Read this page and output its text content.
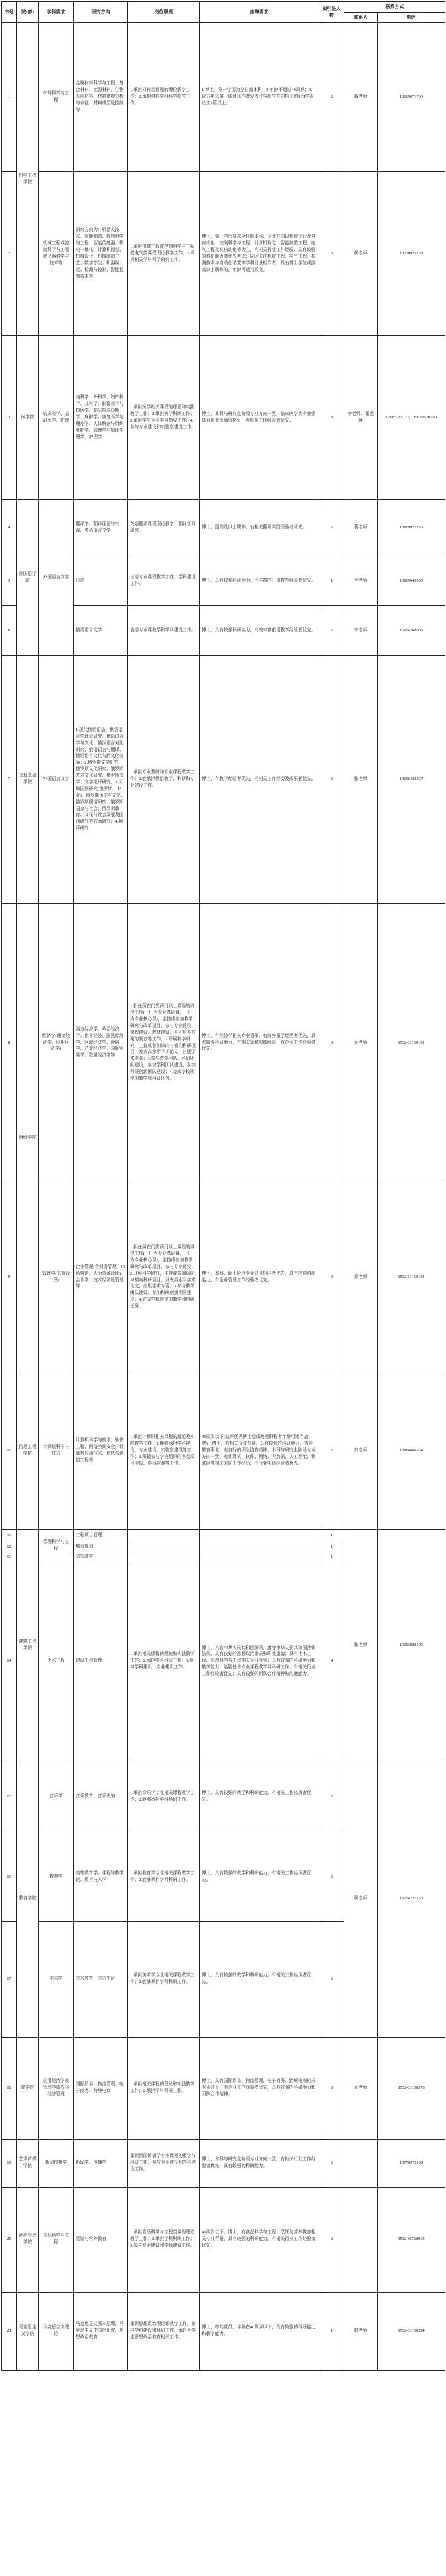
序号	院(部)	学科要求	研究方向	岗位职责	应聘要求	拟引进人数	联系方式	
							联系人	电话
1	机电工程学院	材料科学与工程	金属材料科学与工程、复合材料、能源材料、生物医用材料、材料微观分析与表征、材料成型及控制等	1.承担材料类课程的理论教学工作；2.承担材料学科科学研究工作。	1.博士，第一学历为全日制本科；2.年龄不超过40周岁；3.近五年以第一或通讯作者发表过与研究方向相关的SCI学术论文1篇以上。	2	戴老师	13669071763
2		机械工程或控制科学与工程或仪器科学与技术等	研究方向为：机器人技术、智能制造、控制科学与工程、智能传感器、机电一体化、计算机视觉、机械设计、机械制造工艺、数字孪生、机器视觉、检测与控制、智能控制技术等	1.承担机械工程或控制科学与工程或电气类课程理论教学工作；2.承担相关学科科学研究工作。	博士，第一学历要求全日制本科；专业方向以机械设计及其自动化、控制科学与工程、计算机视觉、智能制造工程、电气工程及其自动化等为主，有相关行业工作经验、具有较强的科研能力者优先考虑；同时关注机械工程、电气工程、检测技术与自动化装置等学科背景相当者，具有博士学位或副高以上职称的，年龄可适当放宽。	6	侯老师	13730925768
3	医学院	临床医学、基础医学、护理	内科学、外科学、妇产科学、儿科学、影像医学与核医学、临床检验诊断学、麻醉学、康复医学与理疗学、人体解剖与组织胚胎学、病理学与病理生理学、护理学	1.承担医学相关课程的理论和实践教学工作；2.承担医学科研工作；3.承担学生专业实习指导工作；4.参与专业建设和实验室建设工作。	博士，本科与研究生阶段专业方向一致，临床医学类专业需具有执业医师资格证，有临床工作经验者优先。	8	李老师、霍老师	17685785177、15610520160
4	外国语学院	外国语言文学	翻译学、翻译理论与实践、英语语言文学	英语翻译课程理论教学；翻译学科研究。	博士，副高及以上职称；有相关翻译实践经验者优先。	2	蒋老师	13869927235
5			日语	日语专业课程教学工作，学科建设工作。	博士，具有较强科研能力，有丰富的日语教学经验者优先。	1	李老师	13969645030
6			俄语语言文学	俄语专业课教学和学科建设工作。	博士，具有较强科研能力，有较丰富俄语教学经验者优先。	2	宋老师	15954268806
7	文理基础学院	外国语言文学	1.现代俄语语法、俄语语言学理论研究、俄语语言学与文化、俄汉语言对比研究、俄语语言与翻译、俄语语言文化与跨文化交际；2.俄罗斯文学研究、俄罗斯文化研究、俄罗斯艺术文化研究、俄罗斯文学、文学批评研究；3.区域国别研究(俄罗斯、中亚)、俄罗斯历史与文化、俄罗斯国情研究、俄罗斯国家与社会、俄罗斯教育、文化与社会发展及国别研究等方面研究；4.翻译研究	1.承担专业基础和专业课程教学工作；2.能承担俄语教学、科研和专业建设工作。	博士，有教学经验者优先，有相关工作经历及成果者优先。	3	张老师	13606422267
8	财经学院	经济学(理论经济学、应用经济学)	西方经济学、政治经济学、世界经济、国民经济学、区域经济学、金融学、产业经济学、国际贸易学、数量经济学等	1.担任所在门类两门以上课程的讲授工作(一门为专业基础课，一门为专业核心课)，主持或参加教学研究与改革项目，参与专业建设、课程建设、教材建设、人才培养方案的制订等工作；2.开展科学研究，主持或参加纵向与横向科研项目，发表高水平学术论文，出版学术专著；3.参与教学团队、科研团队建设，参加学科团队建设、参加科研创新团队建设；4.完成学校规定的教学和科研任务。	博士，有经济学相关专业背景，有海外留学经历者优先，具有较强科研能力，有相关领域实践经验，有企业工作经验者优先。	3	乔老师	0532-83150101
9		管理学(工商管理)	企业管理(含财务管理、市场营销、人力资源管理)、会计学、技术经济及管理等	1.担任所在门类两门以上课程的讲授工作(一门为专业基础课，一门为专业核心课)，主持或参加教学研究与改革项目，参与专业建设；2.开展科学研究，主持或参加纵向与横向科研项目，发表高水平学术论文，出版学术专著；3.参与教学团队建设、参加科研创新团队建设；4.完成学校规定的教学和科研任务。	博士，本科、硕士阶段专业背景相同者优先，具有较强科研能力，有企业管理工作经验者优先。	3	乔老师	0532-83150101
10	信息工程学院	计算机科学与技术	计算机科学与技术、软件工程、网络空间安全、计算机应用技术、信息与通信工程等	1.承担计算机相关课程的理论及实践教学工作；2.能够承担学科建设、专业建设、实验室建设等工作；3.积极参与学校组织的各类项目申报、学科竞赛等工作。	45周岁以下(获评优秀博士后或教授职称者年龄可适当放宽)，博士，有相关专业背景，具有较强的科研能力，热爱教育事业，有良好的团队协作精神；本科与研究生阶段专业方向一致；有计算机、软件、网络、大数据、人工智能、物联网等相关方向工作经历，有行业实践经验者优先。	2	刘老师	13864666554
11	建筑工程学院	管理科学与工程	工程项目管理			1	张老师	15063088505
12			城市规划			1		
13			防灾减灾			1		
14		土木工程	建设工程管理	1.承担相关课程的理论和实践教学工作；2.承担学科科研工作；3.参与学科建设、专业建设工作。	博士，具有中华人民共和国国籍，遵守中华人民共和国法律法规，具有良好的思想政治素质和职业道德；具有土木工程、管理科学与工程相关专业背景；具有较强的科研能力和教学能力，能胜任本专业课程教学及科研工作；有相关行业工作经验者优先；具有较强的团队合作精神和沟通能力。	4		
15	教育学院	音乐学	音乐教育、音乐表演	1.承担音乐学专业相关课程教学工作；2.能够承担学科科研工作。	博士，具有较强的教学和科研能力，有相关工作经历者优先。	2	侯老师	15254227755
16		教育学	高等教育学、课程与教学论、教育技术学	1.承担教育学专业相关课程教学工作；2.能够承担学科科研工作。	博士，具有较强的教学和科研能力，有相关工作经历者优先。	2		
17		美术学	美术教育、美术史论	1.承担美术学专业相关课程教学工作；2.能够承担学科科研工作。	博士，具有较强的教学和科研能力，有相关工作经历者优先。	2		
18	商学院	应用经济学或管理学或农林经济管理	国际贸易、物流管理、电子商务、跨境电商	1.承担相关课程的理论和实践教学工作；2.承担学科科研工作。	博士，具有国际贸易、物流管理、电子商务、跨境电商相关专业背景，有企业工作经验者优先，具有较强的科研能力和团队合作精神。	3	乔老师	0532-83150378
19	艺术传媒学院	新闻传播学	新闻学、传播学	承担新闻传播学专业课程的教学与科研工作，参与专业建设和学科建设工作。	博士，本科与研究生阶段专业方向一致，有相关行业工作经验者优先，具有较强的科研能力。	2		13776572139
20	酒店管理学院	食品科学与工程	烹饪与营养教育	1.承担食品科学与工程类课程理论教学工作；2.承担学科科研工作；3.参与专业建设和学科建设工作。	45周岁以下，博士，有食品科学与工程、烹饪与营养教育相关专业背景，具有较强的科研能力，有相关行业工作经验者优先。	2		0532-86728063
21	马克思主义学院	马克思主义理论	马克思主义基本原理、马克思主义中国化研究、思想政治教育	承担思想政治理论课教学工作，参与学科建设和科研工作，承担大学生思想政治教育相关工作。	博士，中共党员，年龄在40周岁以下，具有较强的科研能力和教学能力。	1	韩老师	0532-83150294
